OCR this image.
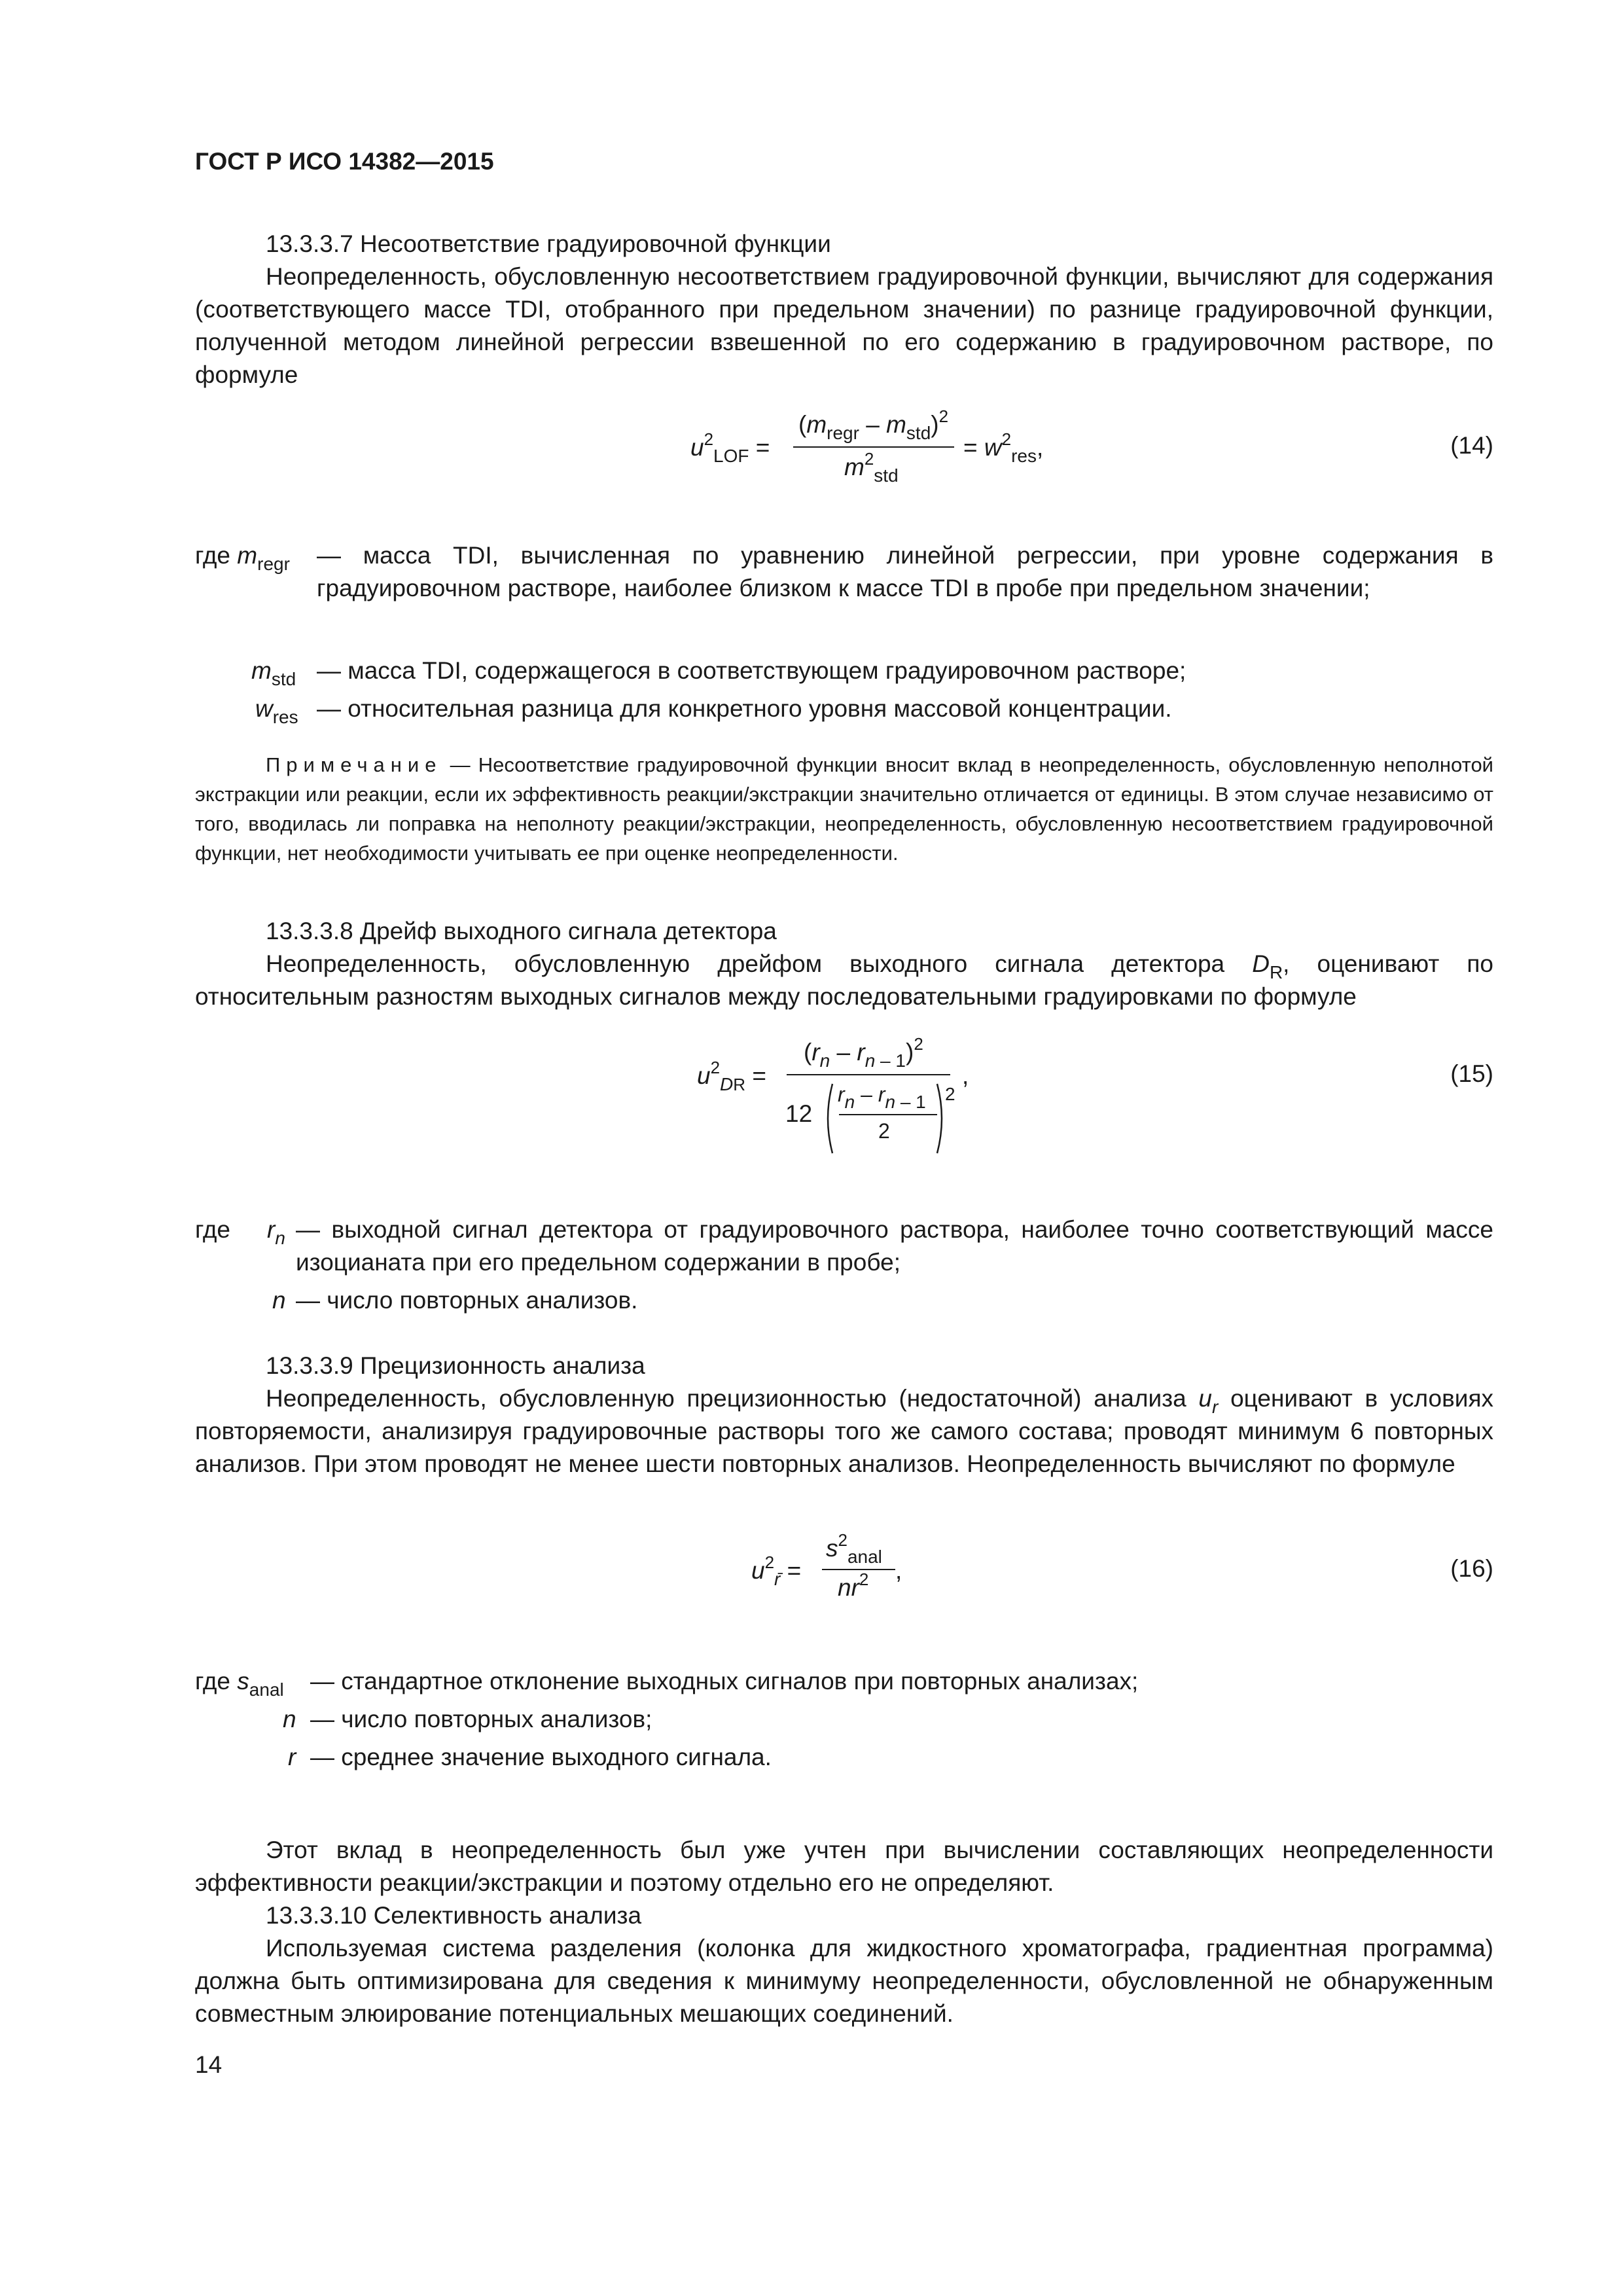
ГОСТ Р ИСО 14382—2015
13.3.3.7 Несоответствие градуировочной функции
Неопределенность, обусловленную несоответствием градуировочной функции, вычисляют для содержания (соответствующего массе TDI, отобранного при предельном значении) по разнице градуировочной функции, полученной методом линейной регрессии взвешенной по его содержанию в градуировочном растворе, по формуле
$u^2_{LOF}$ =
$(m_{regr} - m_{std})^2$
$m^2_{std}$
= $w^2_{res}$,	(14)
где $m_{regr}$ — масса TDI, вычисленная по уравнению линейной регрессии, при уровне содержания в градуировочном растворе, наиболее близком к массе TDI в пробе при предельном значении;
$m_{std}$ — масса TDI, содержащегося в соответствующем градуировочном растворе;
$w_{res}$ — относительная разница для конкретного уровня массовой концентрации.
Примечание — Несоответствие градуировочной функции вносит вклад в неопределенность, обусловленную неполнотой экстракции или реакции, если их эффективность реакции/экстракции значительно отличается от единицы. В этом случае независимо от того, вводилась ли поправка на неполноту реакции/экстракции, неопределенность, обусловленную несоответствием градуировочной функции, нет необходимости учитывать ее при оценке неопределенности.
13.3.3.8 Дрейф выходного сигнала детектора
Неопределенность, обусловленную дрейфом выходного сигнала детектора $D_R$, оценивают по относительным разностям выходных сигналов между последовательными градуировками по формуле
$u^2_{DR}$ =
$(r_n - r_{n - 1})^2$
12
$r_n - r_{n - 1}$
2
2
,	(15)
где $r_n$ — выходной сигнал детектора от градуировочного раствора, наиболее точно соответствующий массе изоцианата при его предельном содержании в пробе;
n — число повторных анализов.
13.3.3.9 Прецизионность анализа
Неопределенность, обусловленную прецизионностью (недостаточной) анализа $u_r$ оценивают в условиях повторяемости, анализируя градуировочные растворы того же самого состава; проводят минимум 6 повторных анализов. При этом проводят не менее шести повторных анализов. Неопределенность вычисляют по формуле
$u^2_r$ =
$s^2_{anal}$
$nr^2$ ,	(16)
где $s_{anal}$ — стандартное отклонение выходных сигналов при повторных анализах;
n — число повторных анализов;
r — среднее значение выходного сигнала.
Этот вклад в неопределенность был уже учтен при вычислении составляющих неопределенности эффективности реакции/экстракции и поэтому отдельно его не определяют.
13.3.3.10 Селективность анализа
Используемая система разделения (колонка для жидкостного хроматографа, градиентная программа) должна быть оптимизирована для сведения к минимуму неопределенности, обусловленной не обнаруженным совместным элюирование потенциальных мешающих соединений.
14
